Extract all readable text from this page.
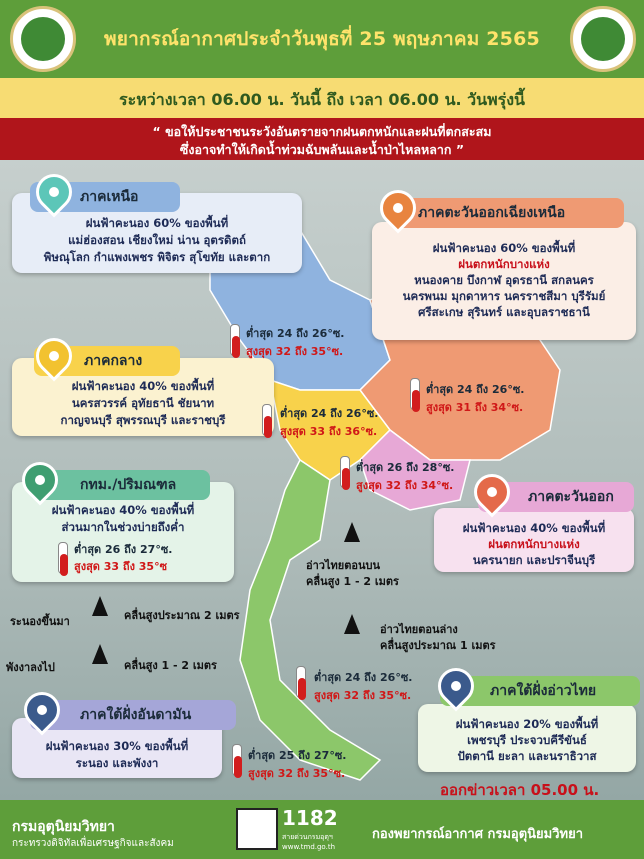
พยากรณ์อากาศประจำวันพุธที่ 25 พฤษภาคม 2565
ระหว่างเวลา 06.00 น. วันนี้ ถึง เวลา 06.00 น. วันพรุ่งนี้
“ ขอให้ประชาชนระวังอันตรายจากฝนตกหนักและฝนที่ตกสะสม
ซึ่งอาจทำให้เกิดน้ำท่วมฉับพลันและน้ำป่าไหลหลาก ”
ฝนฟ้าคะนอง 60% ของพื้นที่
แม่ฮ่องสอน เชียงใหม่ น่าน อุตรดิตถ์
พิษณุโลก กำแพงเพชร พิจิตร สุโขทัย และตาก
ภาคเหนือ
ฝนฟ้าคะนอง 60% ของพื้นที่
ฝนตกหนักบางแห่ง
หนองคาย บึงกาฬ อุดรธานี สกลนคร
นครพนม มุกดาหาร นครราชสีมา บุรีรัมย์
ศรีสะเกษ สุรินทร์ และอุบลราชธานี
ภาคตะวันออกเฉียงเหนือ
ฝนฟ้าคะนอง 40% ของพื้นที่
นครสวรรค์ อุทัยธานี ชัยนาท
กาญจนบุรี สุพรรณบุรี และราชบุรี
ภาคกลาง
ฝนฟ้าคะนอง 40% ของพื้นที่
ส่วนมากในช่วงบ่ายถึงค่ำ
กทม./ปริมณฑล
ต่ำสุด 26 ถึง 27°ซ.
สูงสุด 33 ถึง 35°ซ
ฝนฟ้าคะนอง 40% ของพื้นที่
ฝนตกหนักบางแห่ง
นครนายก และปราจีนบุรี
ภาคตะวันออก
ฝนฟ้าคะนอง 20% ของพื้นที่
เพชรบุรี ประจวบคีรีขันธ์
ปัตตานี ยะลา และนราธิวาส
ภาคใต้ฝั่งอ่าวไทย
ฝนฟ้าคะนอง 30% ของพื้นที่
ระนอง และพังงา
ภาคใต้ฝั่งอันดามัน
ต่ำสุด 24 ถึง 26°ซ.
สูงสุด 32 ถึง 35°ซ.
ต่ำสุด 24 ถึง 26°ซ.
สูงสุด 31 ถึง 34°ซ.
ต่ำสุด 24 ถึง 26°ซ.
สูงสุด 33 ถึง 36°ซ.
ต่ำสุด 26 ถึง 28°ซ.
สูงสุด 32 ถึง 34°ซ.
ต่ำสุด 24 ถึง 26°ซ.
สูงสุด 32 ถึง 35°ซ.
ต่ำสุด 25 ถึง 27°ซ.
สูงสุด 32 ถึง 35°ซ.
อ่าวไทยตอนบน
คลื่นสูง 1 - 2 เมตร
อ่าวไทยตอนล่าง
คลื่นสูงประมาณ 1 เมตร
ระนองขึ้นมา	คลื่นสูงประมาณ 2 เมตร
พังงาลงไป	คลื่นสูง 1 - 2 เมตร
ออกข่าวเวลา 05.00 น.
กรมอุตุนิยมวิทยา
กระทรวงดิจิทัลเพื่อเศรษฐกิจและสังคม
1182
สายด่วนกรมอุตุฯ
www.tmd.go.th
กองพยากรณ์อากาศ กรมอุตุนิยมวิทยา
